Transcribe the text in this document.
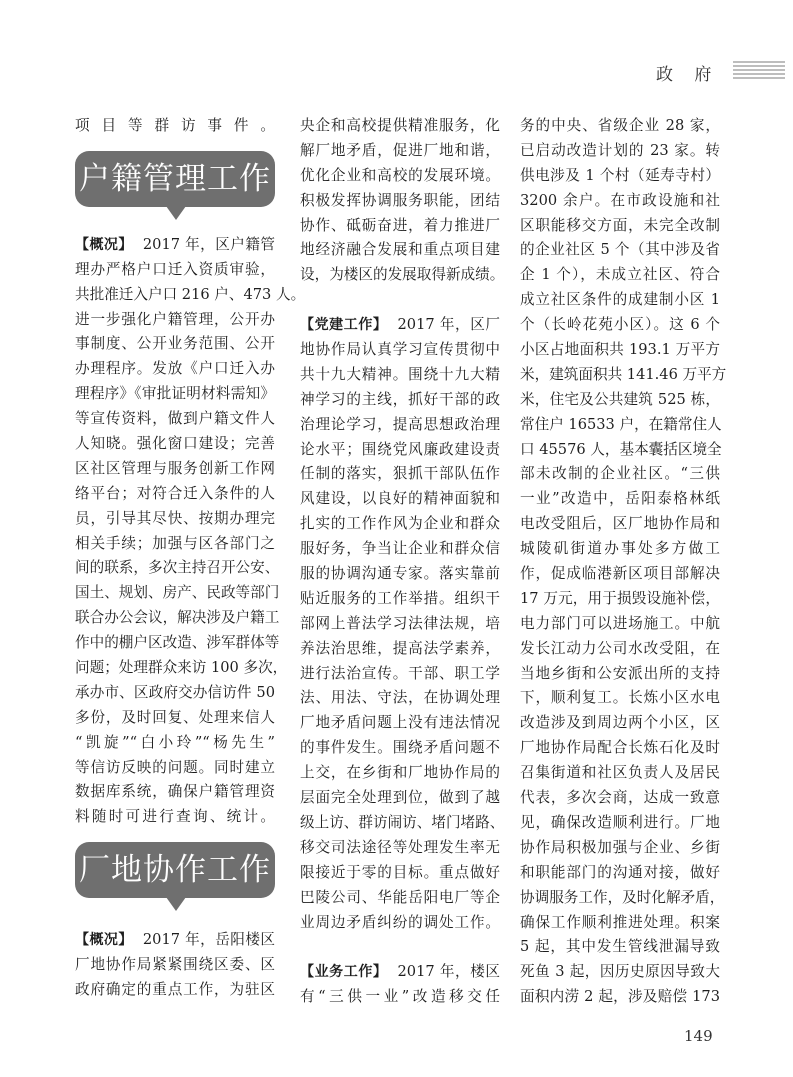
政 府
项目等群访事件。
户籍管理工作
【概况】 2017 年，区户籍管
理办严格户口迁入资质审验，
共批准迁入户口 216 户、473 人。
进一步强化户籍管理，公开办
事制度、公开业务范围、公开
办理程序。发放《户口迁入办
理程序》《审批证明材料需知》
等宣传资料，做到户籍文件人
人知晓。强化窗口建设；完善
区社区管理与服务创新工作网
络平台；对符合迁入条件的人
员，引导其尽快、按期办理完
相关手续；加强与区各部门之
间的联系，多次主持召开公安、
国土、规划、房产、民政等部门
联合办公会议，解决涉及户籍工
作中的棚户区改造、涉军群体等
问题；处理群众来访 100 多次，
承办市、区政府交办信访件 50
多份，及时回复、处理来信人
“凯旋”“白小玲”“杨先生”
等信访反映的问题。同时建立
数据库系统，确保户籍管理资
料随时可进行查询、统计。
厂地协作工作
【概况】 2017 年，岳阳楼区
厂地协作局紧紧围绕区委、区
政府确定的重点工作，为驻区
央企和高校提供精准服务，化
解厂地矛盾，促进厂地和谐，
优化企业和高校的发展环境。
积极发挥协调服务职能，团结
协作、砥砺奋进，着力推进厂
地经济融合发展和重点项目建
设，为楼区的发展取得新成绩。
【党建工作】 2017 年，区厂
地协作局认真学习宣传贯彻中
共十九大精神。围绕十九大精
神学习的主线，抓好干部的政
治理论学习，提高思想政治理
论水平；围绕党风廉政建设责
任制的落实，狠抓干部队伍作
风建设，以良好的精神面貌和
扎实的工作作风为企业和群众
服好务，争当让企业和群众信
服的协调沟通专家。落实靠前
贴近服务的工作举措。组织干
部网上普法学习法律法规，培
养法治思维，提高法学素养，
进行法治宣传。干部、职工学
法、用法、守法，在协调处理
厂地矛盾问题上没有违法情况
的事件发生。围绕矛盾问题不
上交，在乡街和厂地协作局的
层面完全处理到位，做到了越
级上访、群访闹访、堵门堵路、
移交司法途径等处理发生率无
限接近于零的目标。重点做好
巴陵公司、华能岳阳电厂等企
业周边矛盾纠纷的调处工作。
【业务工作】 2017 年，楼区
有“三供一业”改造移交任
务的中央、省级企业 28 家，
已启动改造计划的 23 家。转
供电涉及 1 个村（延寿寺村）
3200 余户。在市政设施和社
区职能移交方面，未完全改制
的企业社区 5 个（其中涉及省
企 1 个），未成立社区、符合
成立社区条件的成建制小区 1
个（长岭花苑小区）。这 6 个
小区占地面积共 193.1 万平方
米，建筑面积共 141.46 万平方
米，住宅及公共建筑 525 栋，
常住户 16533 户，在籍常住人
口 45576 人，基本囊括区境全
部未改制的企业社区。“三供
一业”改造中，岳阳泰格林纸
电改受阻后，区厂地协作局和
城陵矶街道办事处多方做工
作，促成临港新区项目部解决
17 万元，用于损毁设施补偿，
电力部门可以进场施工。中航
发长江动力公司水改受阻，在
当地乡街和公安派出所的支持
下，顺利复工。长炼小区水电
改造涉及到周边两个小区，区
厂地协作局配合长炼石化及时
召集街道和社区负责人及居民
代表，多次会商，达成一致意
见，确保改造顺利进行。厂地
协作局积极加强与企业、乡街
和职能部门的沟通对接，做好
协调服务工作，及时化解矛盾，
确保工作顺利推进处理。积案
5 起，其中发生管线泄漏导致
死鱼 3 起，因历史原因导致大
面积内涝 2 起，涉及赔偿 173
149
